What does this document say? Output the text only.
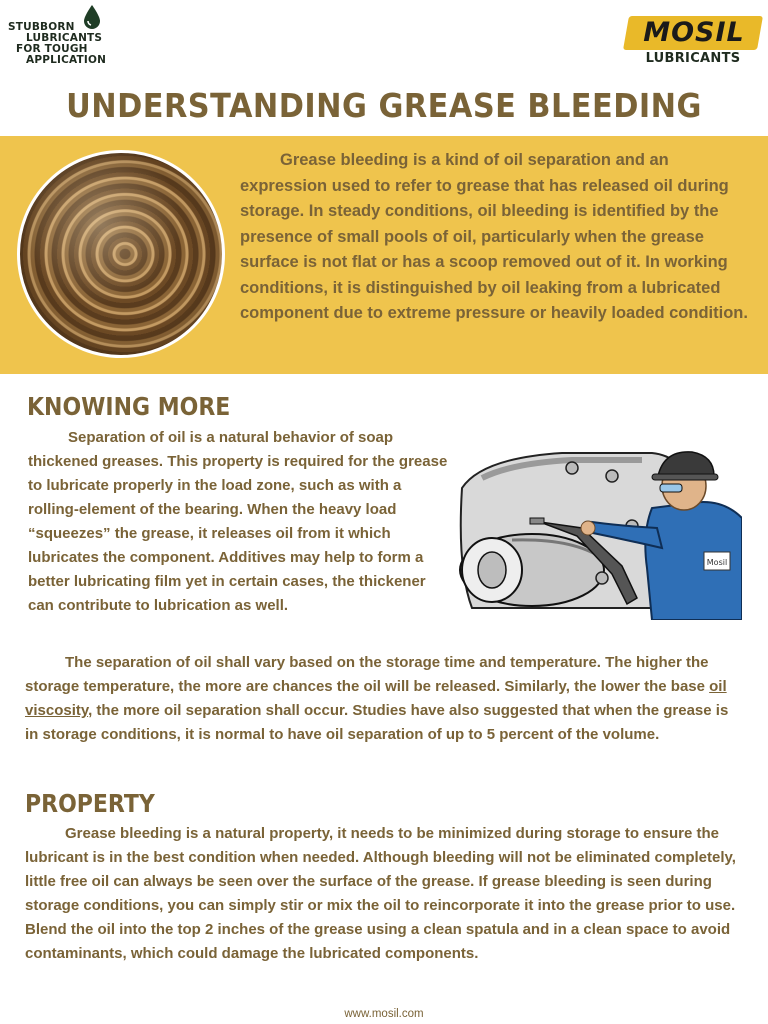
STUBBORN
LUBRICANTS
FOR TOUGH
APPLICATION
MOSIL
LUBRICANTS
UNDERSTANDING GREASE BLEEDING
Grease bleeding is a kind of oil separation and an expression used to refer to grease that has released oil during storage. In steady conditions, oil bleeding is identified by the presence of small pools of oil, particularly when the grease surface is not flat or has a scoop removed out of it. In working conditions, it is distinguished by oil leaking from a lubricated component due to extreme pressure or heavily loaded condition.
KNOWING MORE
Separation of oil is a natural behavior of soap thickened greases. This property is required for the grease to lubricate properly in the load zone, such as with a rolling-element of the bearing. When the heavy load “squeezes” the grease, it releases oil from it which lubricates the component. Additives may help to form a better lubricating film yet in certain cases, the thickener can contribute to lubrication as well.
Mosil
The separation of oil shall vary based on the storage time and temperature. The higher the storage temperature, the more are chances the oil will be released. Similarly, the lower the base oil viscosity, the more oil separation shall occur. Studies have also suggested that when the grease is in storage conditions, it is normal to have oil separation of up to 5 percent of the volume.
PROPERTY
Grease bleeding is a natural property, it needs to be minimized during storage to ensure the lubricant is in the best condition when needed. Although bleeding will not be eliminated completely, little free oil can always be seen over the surface of the grease. If grease bleeding is seen during storage conditions, you can simply stir or mix the oil to reincorporate it into the grease prior to use. Blend the oil into the top 2 inches of the grease using a clean spatula and in a clean space to avoid contaminants, which could damage the lubricated components.
www.mosil.com
